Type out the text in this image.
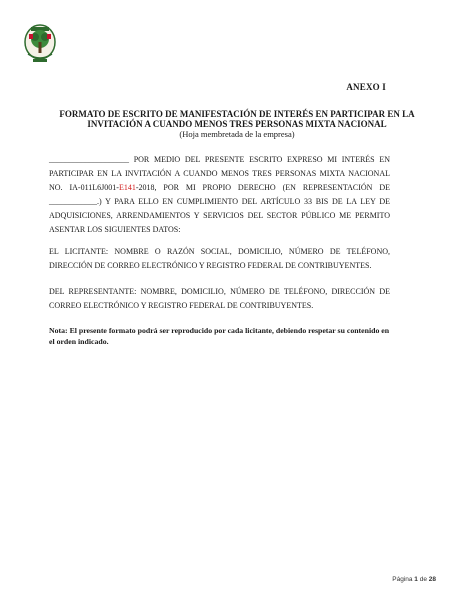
ANEXO I
FORMATO DE ESCRITO DE MANIFESTACIÓN DE INTERÉS EN PARTICIPAR EN LA
INVITACIÓN A CUANDO MENOS TRES PERSONAS MIXTA NACIONAL
(Hoja membretada de la empresa)
____________________ POR MEDIO DEL PRESENTE ESCRITO EXPRESO MI INTERÉS EN PARTICIPAR EN LA INVITACIÓN A CUANDO MENOS TRES PERSONAS MIXTA NACIONAL NO. IA-011L6J001-E141-2018, POR MI PROPIO DERECHO (EN REPRESENTACIÓN DE ____________.) Y PARA ELLO EN CUMPLIMIENTO DEL ARTÍCULO 33 BIS DE LA LEY DE ADQUISICIONES, ARRENDAMIENTOS Y SERVICIOS DEL SECTOR PÚBLICO ME PERMITO ASENTAR LOS SIGUIENTES DATOS:
EL LICITANTE: NOMBRE O RAZÓN SOCIAL, DOMICILIO, NÚMERO DE TELÉFONO, DIRECCIÓN DE CORREO ELECTRÓNICO Y REGISTRO FEDERAL DE CONTRIBUYENTES.
DEL REPRESENTANTE: NOMBRE, DOMICILIO, NÚMERO DE TELÉFONO, DIRECCIÓN DE CORREO ELECTRÓNICO Y REGISTRO FEDERAL DE CONTRIBUYENTES.
Nota: El presente formato podrá ser reproducido por cada licitante, debiendo respetar su contenido en el orden indicado.
Página 1 de 28
